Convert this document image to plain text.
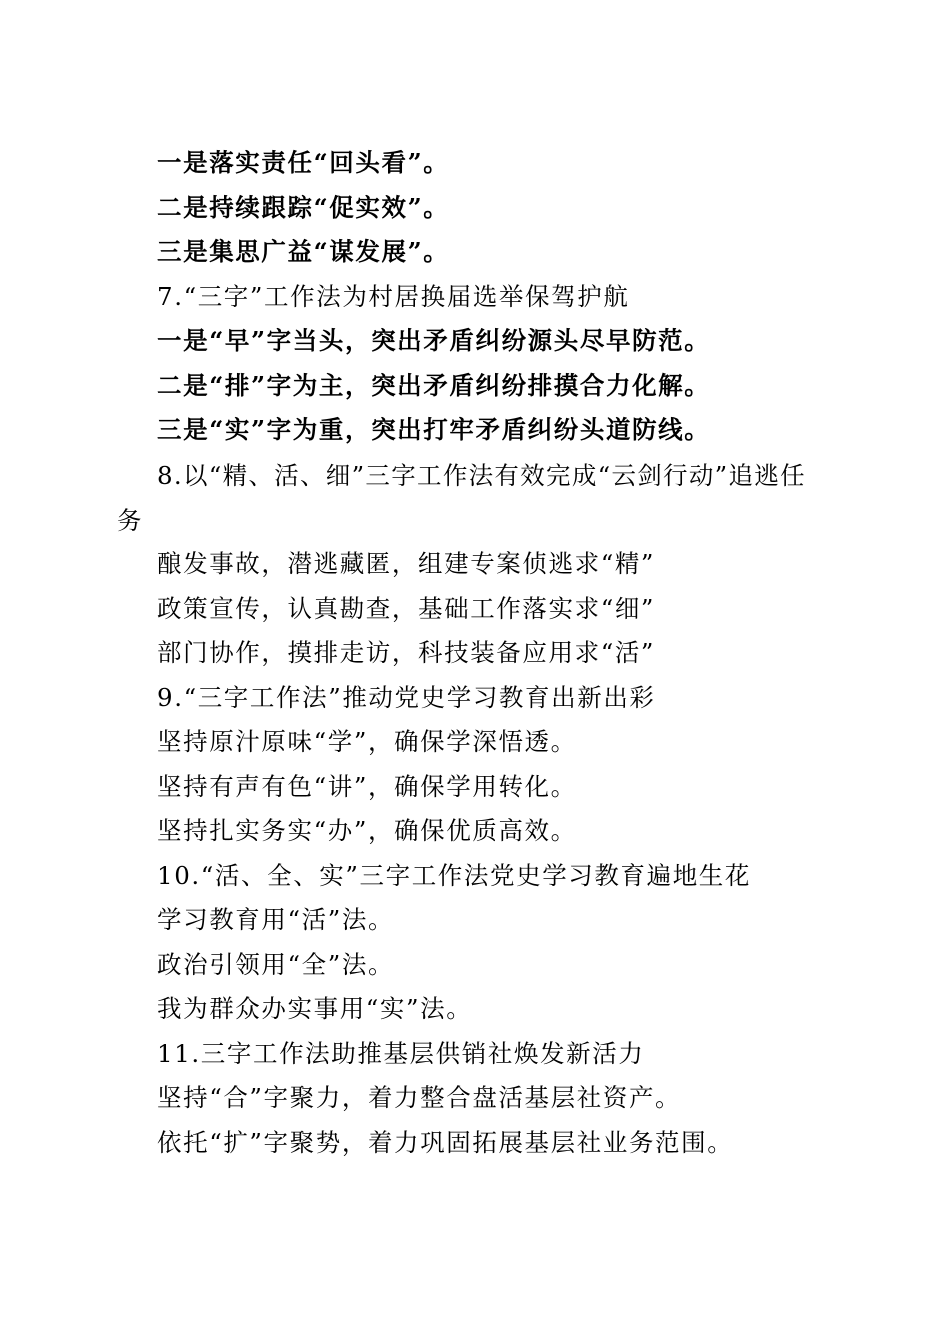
一是落实责任“回头看”。
二是持续跟踪“促实效”。
三是集思广益“谋发展”。
7.“三字”工作法为村居换届选举保驾护航
一是“早”字当头，突出矛盾纠纷源头尽早防范。
二是“排”字为主，突出矛盾纠纷排摸合力化解。
三是“实”字为重，突出打牢矛盾纠纷头道防线。
8.以“精、活、细”三字工作法有效完成“云剑行动”追逃任务
酿发事故，潜逃藏匿，组建专案侦逃求“精”
政策宣传，认真勘查，基础工作落实求“细”
部门协作，摸排走访，科技装备应用求“活”
9.“三字工作法”推动党史学习教育出新出彩
坚持原汁原味“学”，确保学深悟透。
坚持有声有色“讲”，确保学用转化。
坚持扎实务实“办”，确保优质高效。
10.“活、全、实”三字工作法党史学习教育遍地生花
学习教育用“活”法。
政治引领用“全”法。
我为群众办实事用“实”法。
11.三字工作法助推基层供销社焕发新活力
坚持“合”字聚力，着力整合盘活基层社资产。
依托“扩”字聚势，着力巩固拓展基层社业务范围。
